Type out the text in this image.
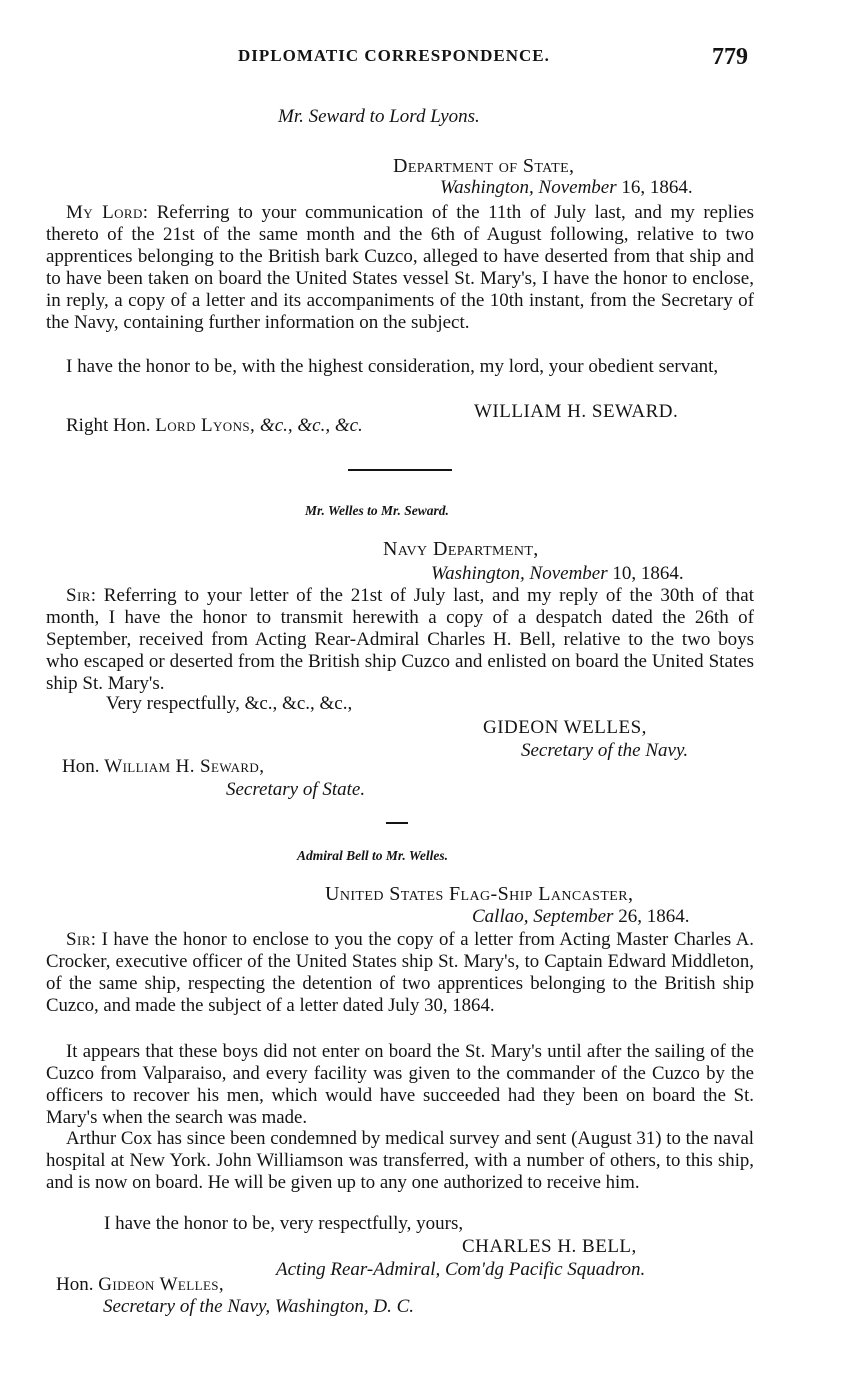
DIPLOMATIC CORRESPONDENCE.	779
Mr. Seward to Lord Lyons.
Department of State,
Washington, November 16, 1864.
My Lord: Referring to your communication of the 11th of July last, and my replies thereto of the 21st of the same month and the 6th of August following, relative to two apprentices belonging to the British bark Cuzco, alleged to have deserted from that ship and to have been taken on board the United States vessel St. Mary's, I have the honor to enclose, in reply, a copy of a letter and its accompaniments of the 10th instant, from the Secretary of the Navy, containing further information on the subject.
I have the honor to be, with the highest consideration, my lord, your obedient servant,
WILLIAM H. SEWARD.
Right Hon. Lord Lyons, &c., &c., &c.
Mr. Welles to Mr. Seward.
Navy Department,
Washington, November 10, 1864.
Sir: Referring to your letter of the 21st of July last, and my reply of the 30th of that month, I have the honor to transmit herewith a copy of a despatch dated the 26th of September, received from Acting Rear-Admiral Charles H. Bell, relative to the two boys who escaped or deserted from the British ship Cuzco and enlisted on board the United States ship St. Mary's.
Very respectfully, &c., &c., &c.,
GIDEON WELLES,
Secretary of the Navy.
Hon. William H. Seward,
Secretary of State.
Admiral Bell to Mr. Welles.
United States Flag-Ship Lancaster,
Callao, September 26, 1864.
Sir: I have the honor to enclose to you the copy of a letter from Acting Master Charles A. Crocker, executive officer of the United States ship St. Mary's, to Captain Edward Middleton, of the same ship, respecting the detention of two apprentices belonging to the British ship Cuzco, and made the subject of a letter dated July 30, 1864.
It appears that these boys did not enter on board the St. Mary's until after the sailing of the Cuzco from Valparaiso, and every facility was given to the commander of the Cuzco by the officers to recover his men, which would have succeeded had they been on board the St. Mary's when the search was made.
Arthur Cox has since been condemned by medical survey and sent (August 31) to the naval hospital at New York. John Williamson was transferred, with a number of others, to this ship, and is now on board. He will be given up to any one authorized to receive him.
I have the honor to be, very respectfully, yours,
CHARLES H. BELL,
Acting Rear-Admiral, Com'dg Pacific Squadron.
Hon. Gideon Welles,
Secretary of the Navy, Washington, D. C.
